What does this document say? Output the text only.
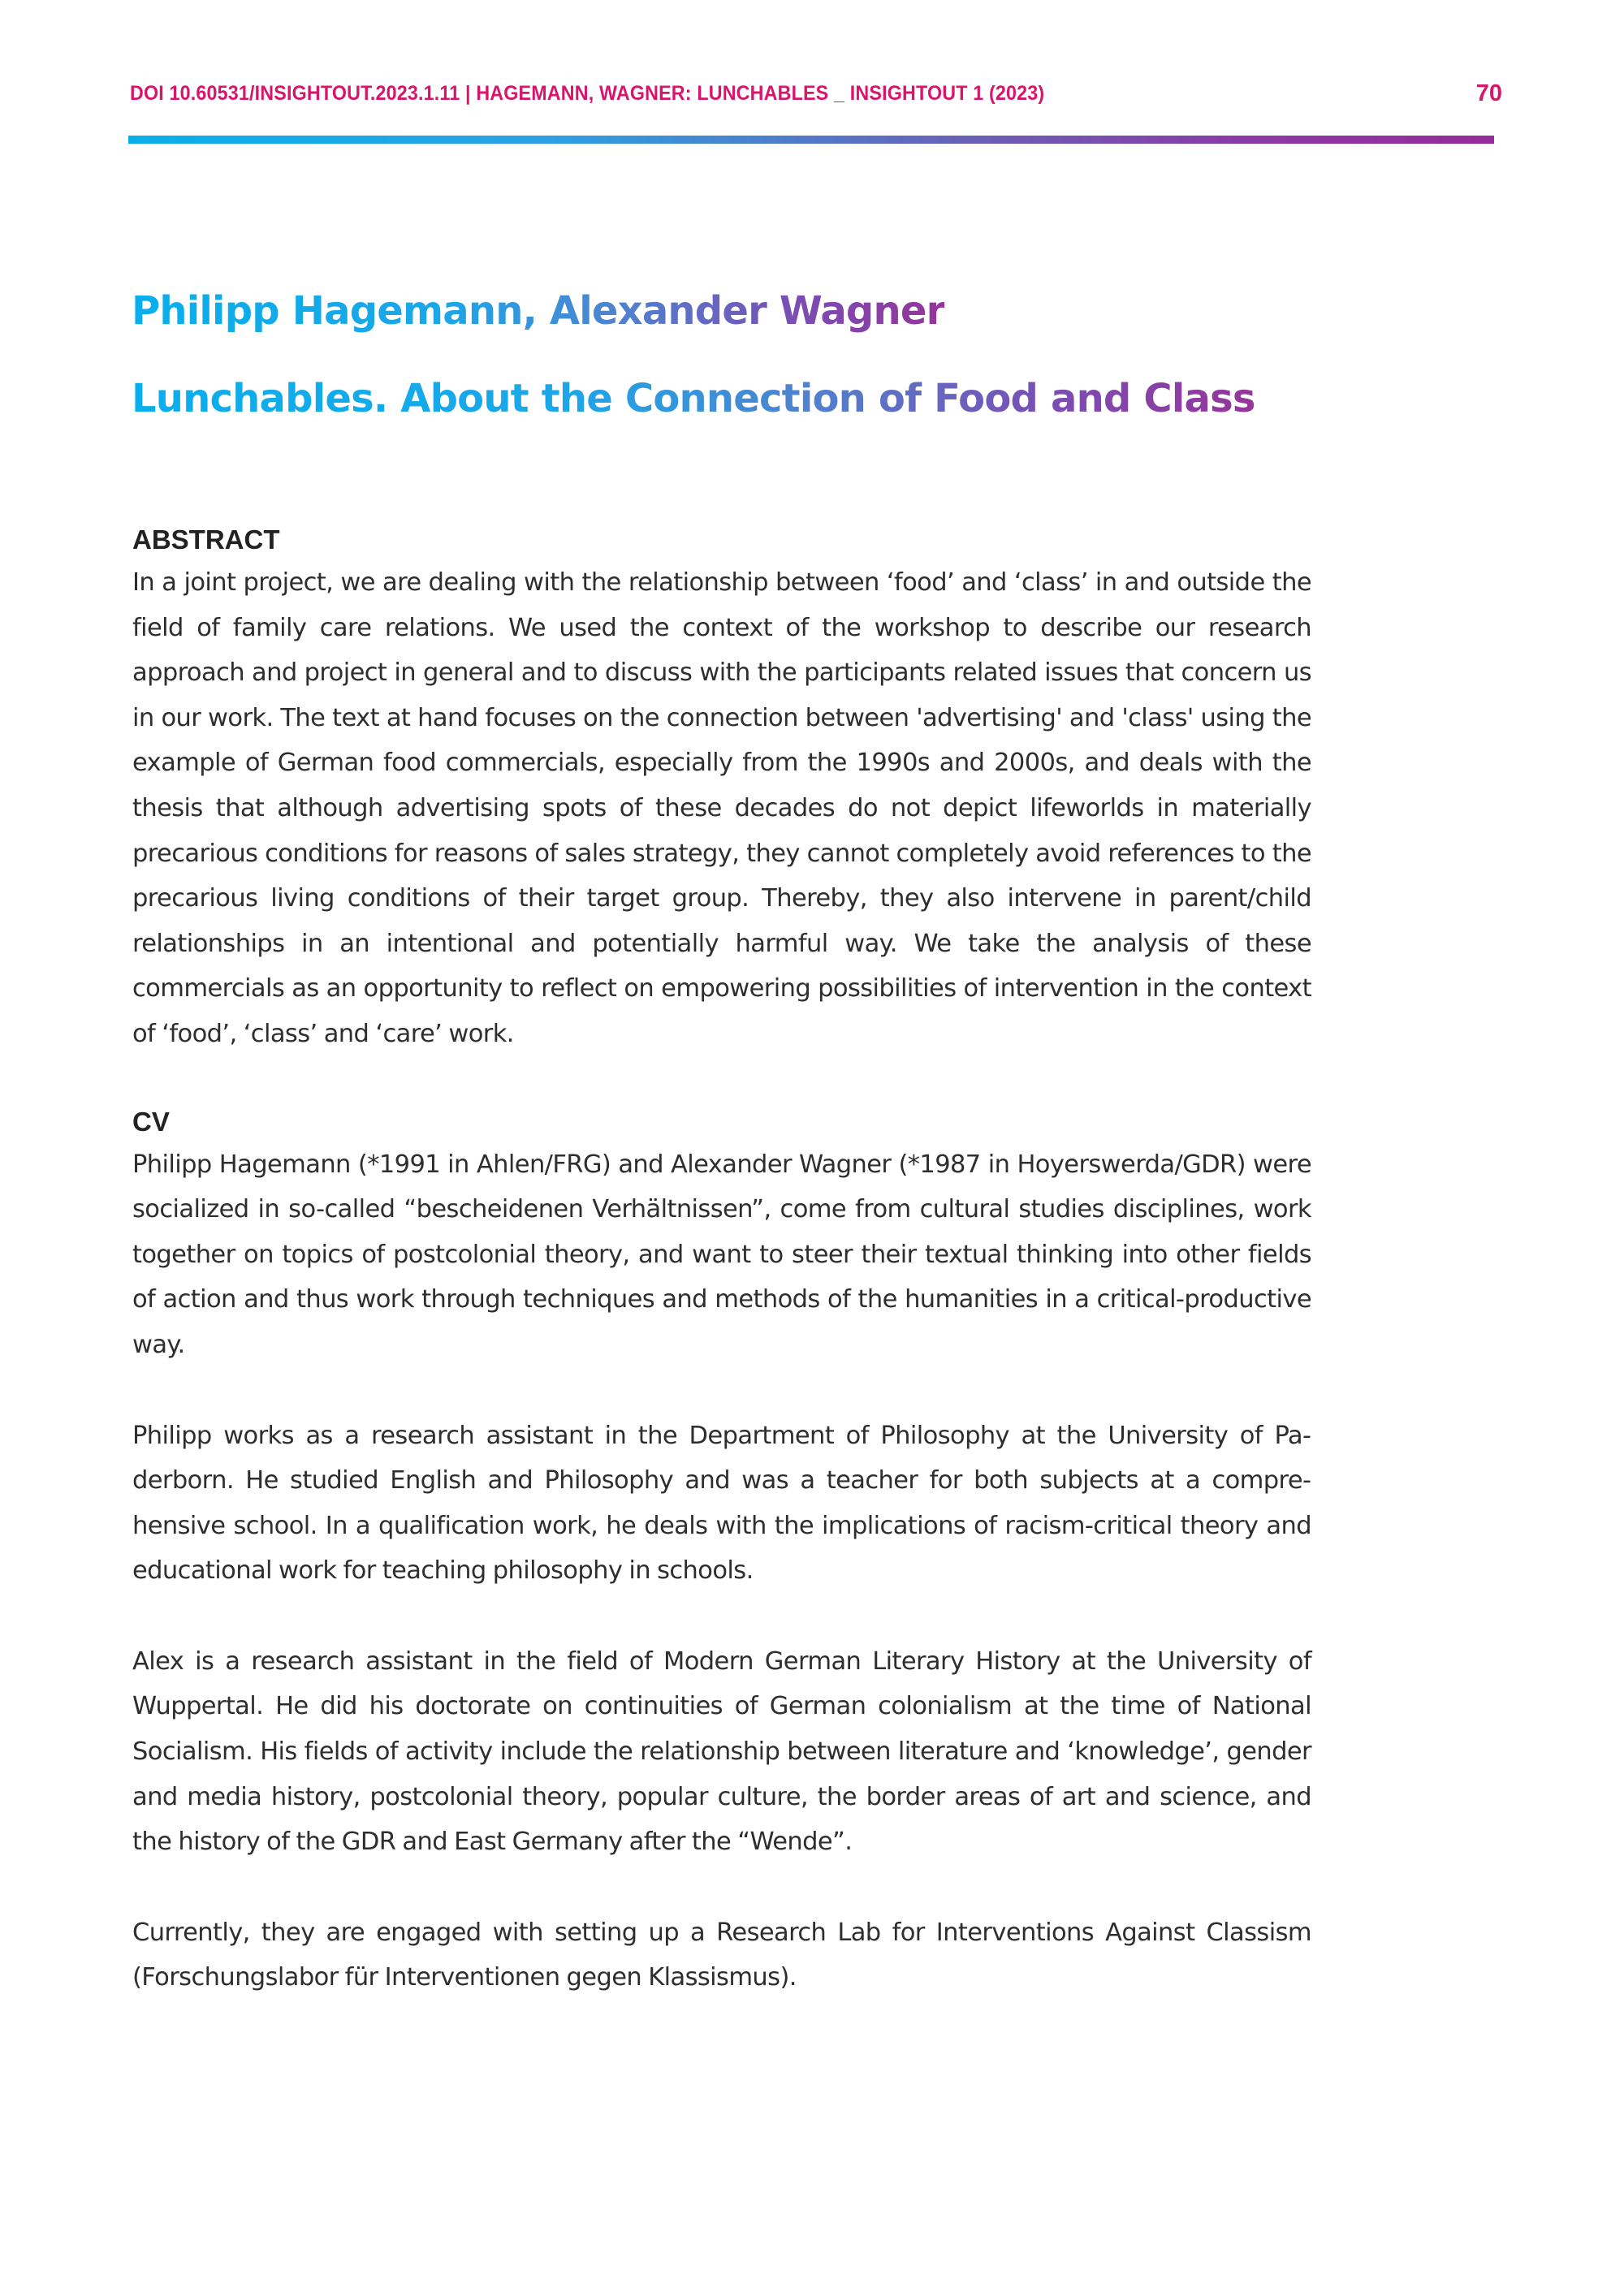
DOI 10.60531/INSIGHTOUT.2023.1.11 | HAGEMANN, WAGNER: LUNCHABLES _ INSIGHTOUT 1 (2023)	70
Philipp Hagemann, Alexander Wagner
Lunchables. About the Connection of Food and Class
ABSTRACT

In a joint project, we are dealing with the relationship between ‘food’ and ‘class’ in and outside the field of family care relations. We used the context of the workshop to describe our research approach and project in general and to discuss with the participants related issues that concern us in our work. The text at hand focuses on the connection between 'advertising' and 'class' using the example of German food commercials, especially from the 1990s and 2000s, and deals with the thesis that although advertising spots of these decades do not depict lifeworlds in materially precarious conditions for reasons of sales strategy, they cannot completely avoid references to the precarious living conditions of their target group. Thereby, they also intervene in parent/child relationships in an intentional and potentially harmful way. We take the analysis of these commercials as an opportunity to reflect on empowering possibilities of intervention in the context of ‘food’, ‘class’ and ‘care’ work.

CV

Philipp Hagemann (*1991 in Ahlen/FRG) and Alexander Wagner (*1987 in Hoyerswerda/GDR) were socialized in so-called “bescheidenen Verhältnissen”, come from cultural studies disciplines, work together on topics of postcolonial theory, and want to steer their textual thinking into other fields of action and thus work through techniques and methods of the humanities in a critical-productive way.

Philipp works as a research assistant in the Department of Philosophy at the University of Paderborn. He studied English and Philosophy and was a teacher for both subjects at a comprehensive school. In a qualification work, he deals with the implications of racism-critical theory and educational work for teaching philosophy in schools.

Alex is a research assistant in the field of Modern German Literary History at the University of Wuppertal. He did his doctorate on continuities of German colonialism at the time of National Socialism. His fields of activity include the relationship between literature and ‘knowledge’, gender and media history, postcolonial theory, popular culture, the border areas of art and science, and the history of the GDR and East Germany after the “Wende”.

Currently, they are engaged with setting up a Research Lab for Interventions Against Classism (Forschungslabor für Interventionen gegen Klassismus).
